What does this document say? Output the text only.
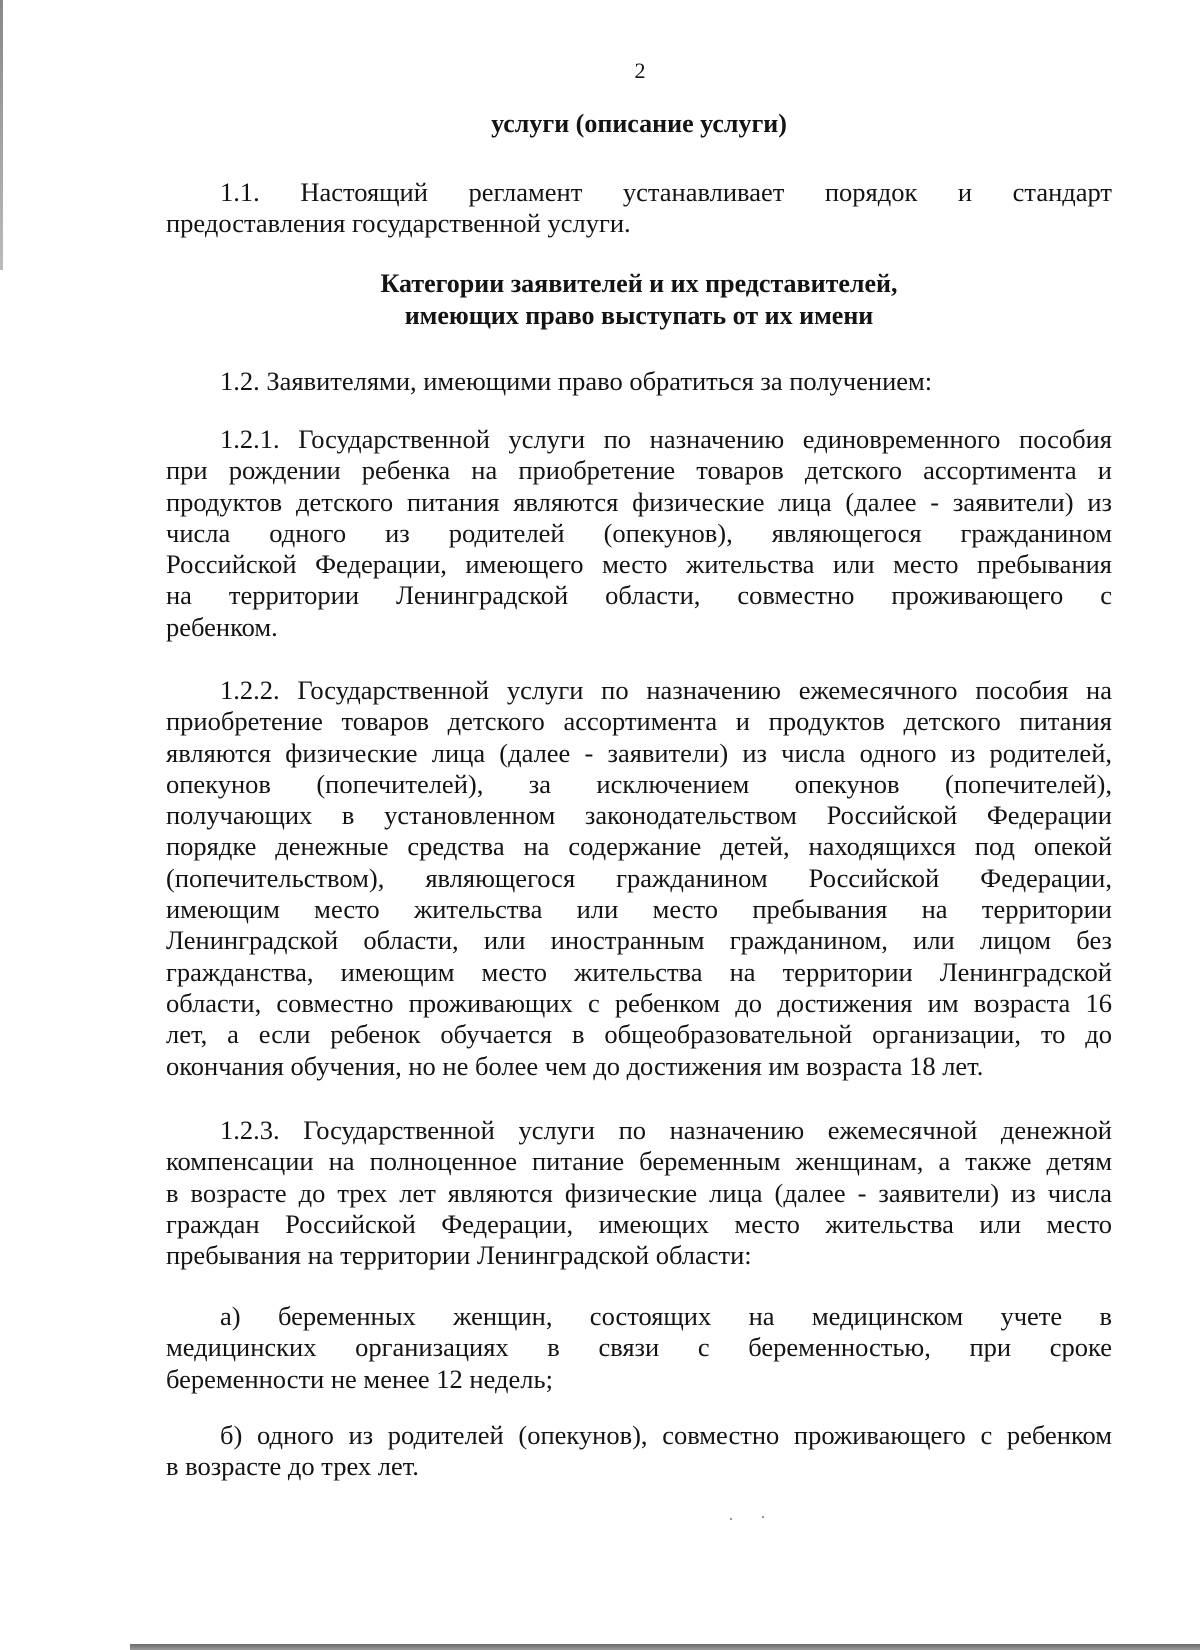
2
услуги (описание услуги)
1.1. Настоящий регламент устанавливает порядок и стандарт
предоставления государственной услуги.
Категории заявителей и их представителей,
имеющих право выступать от их имени
1.2. Заявителями, имеющими право обратиться за получением:
1.2.1. Государственной услуги по назначению единовременного пособия
при рождении ребенка на приобретение товаров детского ассортимента и
продуктов детского питания являются физические лица (далее - заявители) из
числа одного из родителей (опекунов), являющегося гражданином
Российской Федерации, имеющего место жительства или место пребывания
на территории Ленинградской области, совместно проживающего с
ребенком.
1.2.2. Государственной услуги по назначению ежемесячного пособия на
приобретение товаров детского ассортимента и продуктов детского питания
являются физические лица (далее - заявители) из числа одного из родителей,
опекунов (попечителей), за исключением опекунов (попечителей),
получающих в установленном законодательством Российской Федерации
порядке денежные средства на содержание детей, находящихся под опекой
(попечительством), являющегося гражданином Российской Федерации,
имеющим место жительства или место пребывания на территории
Ленинградской области, или иностранным гражданином, или лицом без
гражданства, имеющим место жительства на территории Ленинградской
области, совместно проживающих с ребенком до достижения им возраста 16
лет, а если ребенок обучается в общеобразовательной организации, то до
окончания обучения, но не более чем до достижения им возраста 18 лет.
1.2.3. Государственной услуги по назначению ежемесячной денежной
компенсации на полноценное питание беременным женщинам, а также детям
в возрасте до трех лет являются физические лица (далее - заявители) из числа
граждан Российской Федерации, имеющих место жительства или место
пребывания на территории Ленинградской области:
а) беременных женщин, состоящих на медицинском учете в
медицинских организациях в связи с беременностью, при сроке
беременности не менее 12 недель;
б) одного из родителей (опекунов), совместно проживающего с ребенком
в возрасте до трех лет.
